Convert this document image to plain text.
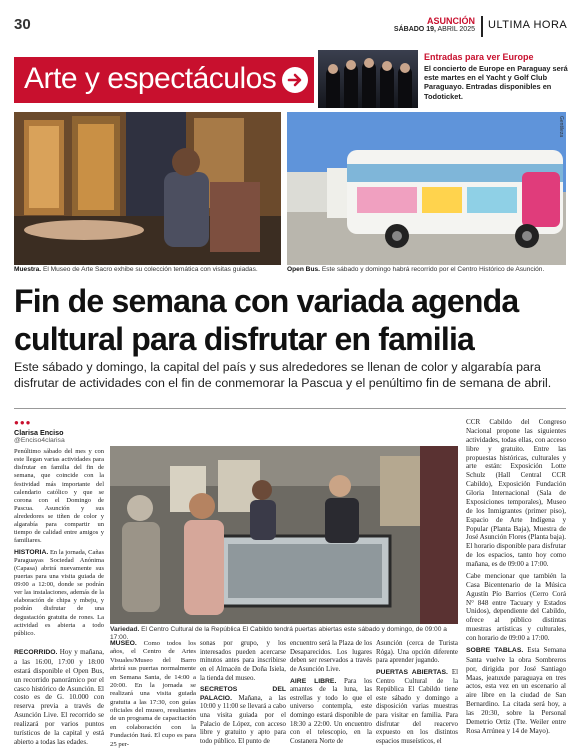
30	ASUNCIÓN
SÁBADO 19, ABRIL 2025 ULTIMA HORA
Arte y espectáculos
Entradas para ver Europe
El concierto de Europe en Paraguay será este martes en el Yacht y Golf Club Paraguayo. Entradas disponibles en Todoticket.
Gentileza
Muestra. El Museo de Arte Sacro exhibe su colección temática con visitas guiadas.	Open Bus. Este sábado y domingo habrá recorrido por el Centro Histórico de Asunción.
Fin de semana con variada agenda cultural para disfrutar en familia

Este sábado y domingo, la capital del país y sus alrededores se llenan de color y algarabía para disfrutar de actividades con el fin de conmemorar la Pascua y el penúltimo fin de semana de abril.

●●●
Clarisa Enciso
@Enciso4clarisa

Penúltimo sábado del mes y con este llegan varias actividades para disfrutar en familia del fin de semana, que coincide con la festividad más importante del calendario católico y que se corona con el Domingo de Pascua. Asunción y sus alrededores se tiñen de color y algarabía para compartir un tiempo de calidad entre amigos y familiares.

HISTORIA. En la jornada, Cañas Paraguayas Sociedad Anónima (Capasa) abrirá nuevamente sus puertas para una visita guiada de 09:00 a 12:00, donde se podrán ver las instalaciones, además de la elaboración de chipa y mbeju, y podrán disfrutar de una degustación gratuita de rones. La actividad es abierta a todo público.

Variedad. El Centro Cultural de la República El Cabildo tendrá puertas abiertas este sábado y domingo, de 09:00 a 17:00.

RECORRIDO. Hoy y mañana, a las 16:00, 17:00 y 18:00 estará disponible el Open Bus, un recorrido panorámico por el casco histórico de Asunción. El costo es de G. 10.000 con reserva previa a través de Asunción Live. El recorrido se realizará por varios puntos turísticos de la capital y está abierto a todas las edades.

MUSEO. Como todos los años, el Centro de Artes Visuales/Museo del Barro abrirá sus puertas normalmente en Semana Santa, de 14:00 a 20:00. En la jornada se realizará una visita guiada gratuita a las 17:30, con guías oficiales del museo, resultantes de un programa de capacitación en colaboración con la Fundación Itaú. El cupo es para 25 per-

sonas por grupo, y los interesados pueden acercarse minutos antes para inscribirse en el Almacén de Doña Isiela, la tienda del museo.

SECRETOS DEL PALACIO. Mañana, a las 10:00 y 11:00 se llevará a cabo una visita guiada por el Palacio de López, con acceso libre y gratuito y apto para todo público. El punto de

encuentro será la Plaza de los Desaparecidos. Los lugares deben ser reservados a través de Asunción Live.

AIRE LIBRE. Para los amantes de la luna, las estrellas y todo lo que el universo contempla, este domingo estará disponible de 18:30 a 22:00. Un encuentro con el telescopio, en la Costanera Norte de

Asunción (cerca de Turista Róga). Una opción diferente para aprender jugando.

PUERTAS ABIERTAS. El Centro Cultural de la República El Cabildo tiene este sábado y domingo a disposición varias muestras para visitar en familia. Para disfrutar del reacervo expuesto en los distintos espacios museísticos, el

CCR Cabildo del Congreso Nacional propone las siguientes actividades, todas ellas, con acceso libre y gratuito. Entre las propuestas históricas, culturales y arte están: Exposición Lotte Schulz (Hall Central CCR Cabildo), Exposición Fundación Gloria Internacional (Sala de Exposiciones temporales), Museo de los Inmigrantes (primer piso), Espacio de Arte Indígena y Popular (Planta Baja), Muestra de José Asunción Flores (Planta baja). El horario disponible para disfrutar de los espacios, tanto hoy como mañana, es de 09:00 a 17:00.

Cabe mencionar que también la Casa Bicentenario de la Música Agustín Pío Barrios (Cerro Corá N° 848 entre Tacuary y Estados Unidos), dependiente del Cabildo, ofrece al público distintas muestras artísticas y culturales, con horario de 09:00 a 17:00.

SOBRE TABLAS. Esta Semana Santa vuelve la obra Sombreros por, dirigida por José Santiago Maas, jeatuxde paraguaya en tres actos, esta vez en un escenario al aire libre en la ciudad de San Bernardino. La citada será hoy, a las 20:30, sobre la Personal Demetrio Ortiz (Tte. Weiler entre Rosa Arrúnea y 14 de Mayo).
